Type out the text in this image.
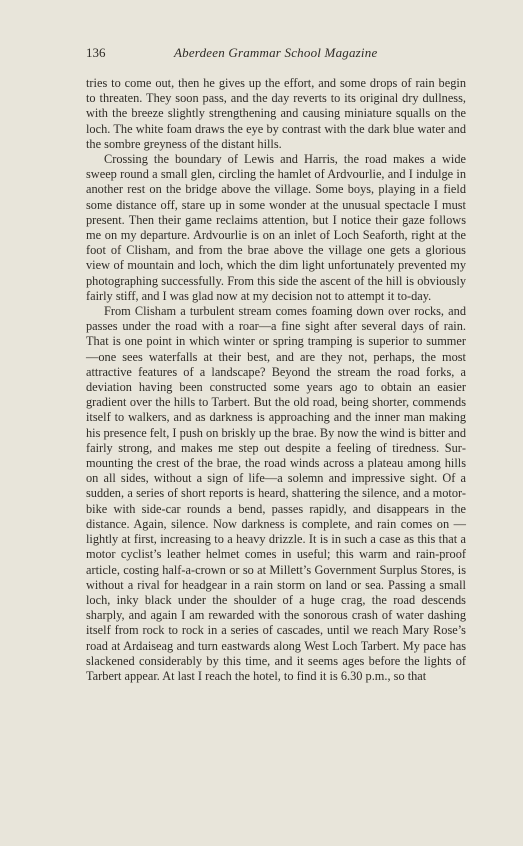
136	Aberdeen Grammar School Magazine

tries to come out, then he gives up the effort, and some drops of rain begin to threaten. They soon pass, and the day reverts to its original dry dullness, with the breeze slightly strengthening and causing miniature squalls on the loch. The white foam draws the eye by contrast with the dark blue water and the sombre greyness of the distant hills.

Crossing the boundary of Lewis and Harris, the road makes a wide sweep round a small glen, circling the hamlet of Ardvourlie, and I indulge in another rest on the bridge above the village. Some boys, playing in a field some distance off, stare up in some wonder at the unusual spectacle I must present. Then their game reclaims attention, but I notice their gaze follows me on my departure. Ardvourlie is on an inlet of Loch Seaforth, right at the foot of Clisham, and from the brae above the village one gets a glorious view of mountain and loch, which the dim light unfortunately prevented my photographing successfully. From this side the ascent of the hill is obviously fairly stiff, and I was glad now at my decision not to attempt it to-day.

From Clisham a turbulent stream comes foaming down over rocks, and passes under the road with a roar—a fine sight after several days of rain. That is one point in which winter or spring tramping is superior to summer—one sees waterfalls at their best, and are they not, perhaps, the most attractive features of a landscape? Beyond the stream the road forks, a deviation having been constructed some years ago to obtain an easier gradient over the hills to Tarbert. But the old road, being shorter, commends itself to walkers, and as darkness is approaching and the inner man making his presence felt, I push on briskly up the brae. By now the wind is bitter and fairly strong, and makes me step out despite a feeling of tiredness. Surmounting the crest of the brae, the road winds across a plateau among hills on all sides, without a sign of life—a solemn and impressive sight. Of a sudden, a series of short reports is heard, shattering the silence, and a motor-bike with side-car rounds a bend, passes rapidly, and disappears in the distance. Again, silence. Now darkness is complete, and rain comes on —lightly at first, increasing to a heavy drizzle. It is in such a case as this that a motor cyclist’s leather helmet comes in useful; this warm and rain-proof article, costing half-a-crown or so at Millett’s Government Surplus Stores, is without a rival for headgear in a rain storm on land or sea. Passing a small loch, inky black under the shoulder of a huge crag, the road descends sharply, and again I am rewarded with the sonorous crash of water dashing itself from rock to rock in a series of cascades, until we reach Mary Rose’s road at Ardaiseag and turn eastwards along West Loch Tarbert. My pace has slackened considerably by this time, and it seems ages before the lights of Tarbert appear. At last I reach the hotel, to find it is 6.30 p.m., so that
